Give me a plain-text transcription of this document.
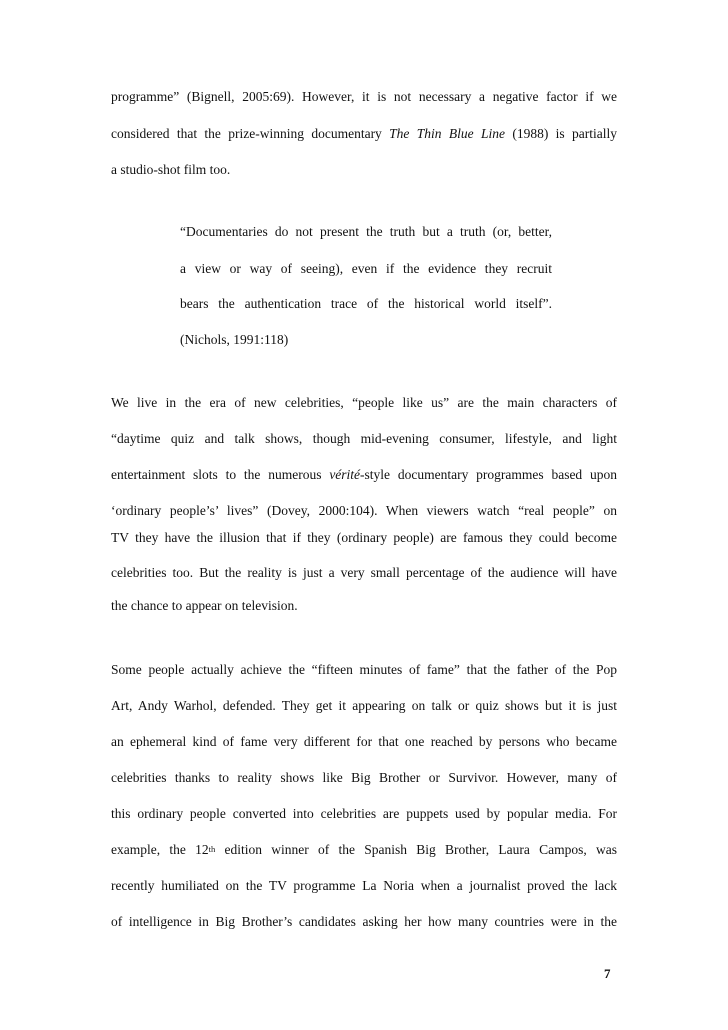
programme” (Bignell, 2005:69). However, it is not necessary a negative factor if we
considered that the prize-winning documentary The Thin Blue Line (1988) is partially
a studio-shot film too.
“Documentaries do not present the truth but a truth (or, better,
a view or way of seeing), even if the evidence they recruit
bears the authentication trace of the historical world itself”.
(Nichols, 1991:118)
We live in the era of new celebrities, “people like us” are the main characters of
“daytime quiz and talk shows, though mid-evening consumer, lifestyle, and light
entertainment slots to the numerous vérité-style documentary programmes based upon
‘ordinary people’s’ lives” (Dovey, 2000:104). When viewers watch “real people” on
TV they have the illusion that if they (ordinary people) are famous they could become
celebrities too. But the reality is just a very small percentage of the audience will have
the chance to appear on television.
Some people actually achieve the “fifteen minutes of fame” that the father of the Pop
Art, Andy Warhol, defended. They get it appearing on talk or quiz shows but it is just
an ephemeral kind of fame very different for that one reached by persons who became
celebrities thanks to reality shows like Big Brother or Survivor. However, many of
this ordinary people converted into celebrities are puppets used by popular media. For
example, the 12th edition winner of the Spanish Big Brother, Laura Campos, was
recently humiliated on the TV programme La Noria when a journalist proved the lack
of intelligence in Big Brother’s candidates asking her how many countries were in the
7
